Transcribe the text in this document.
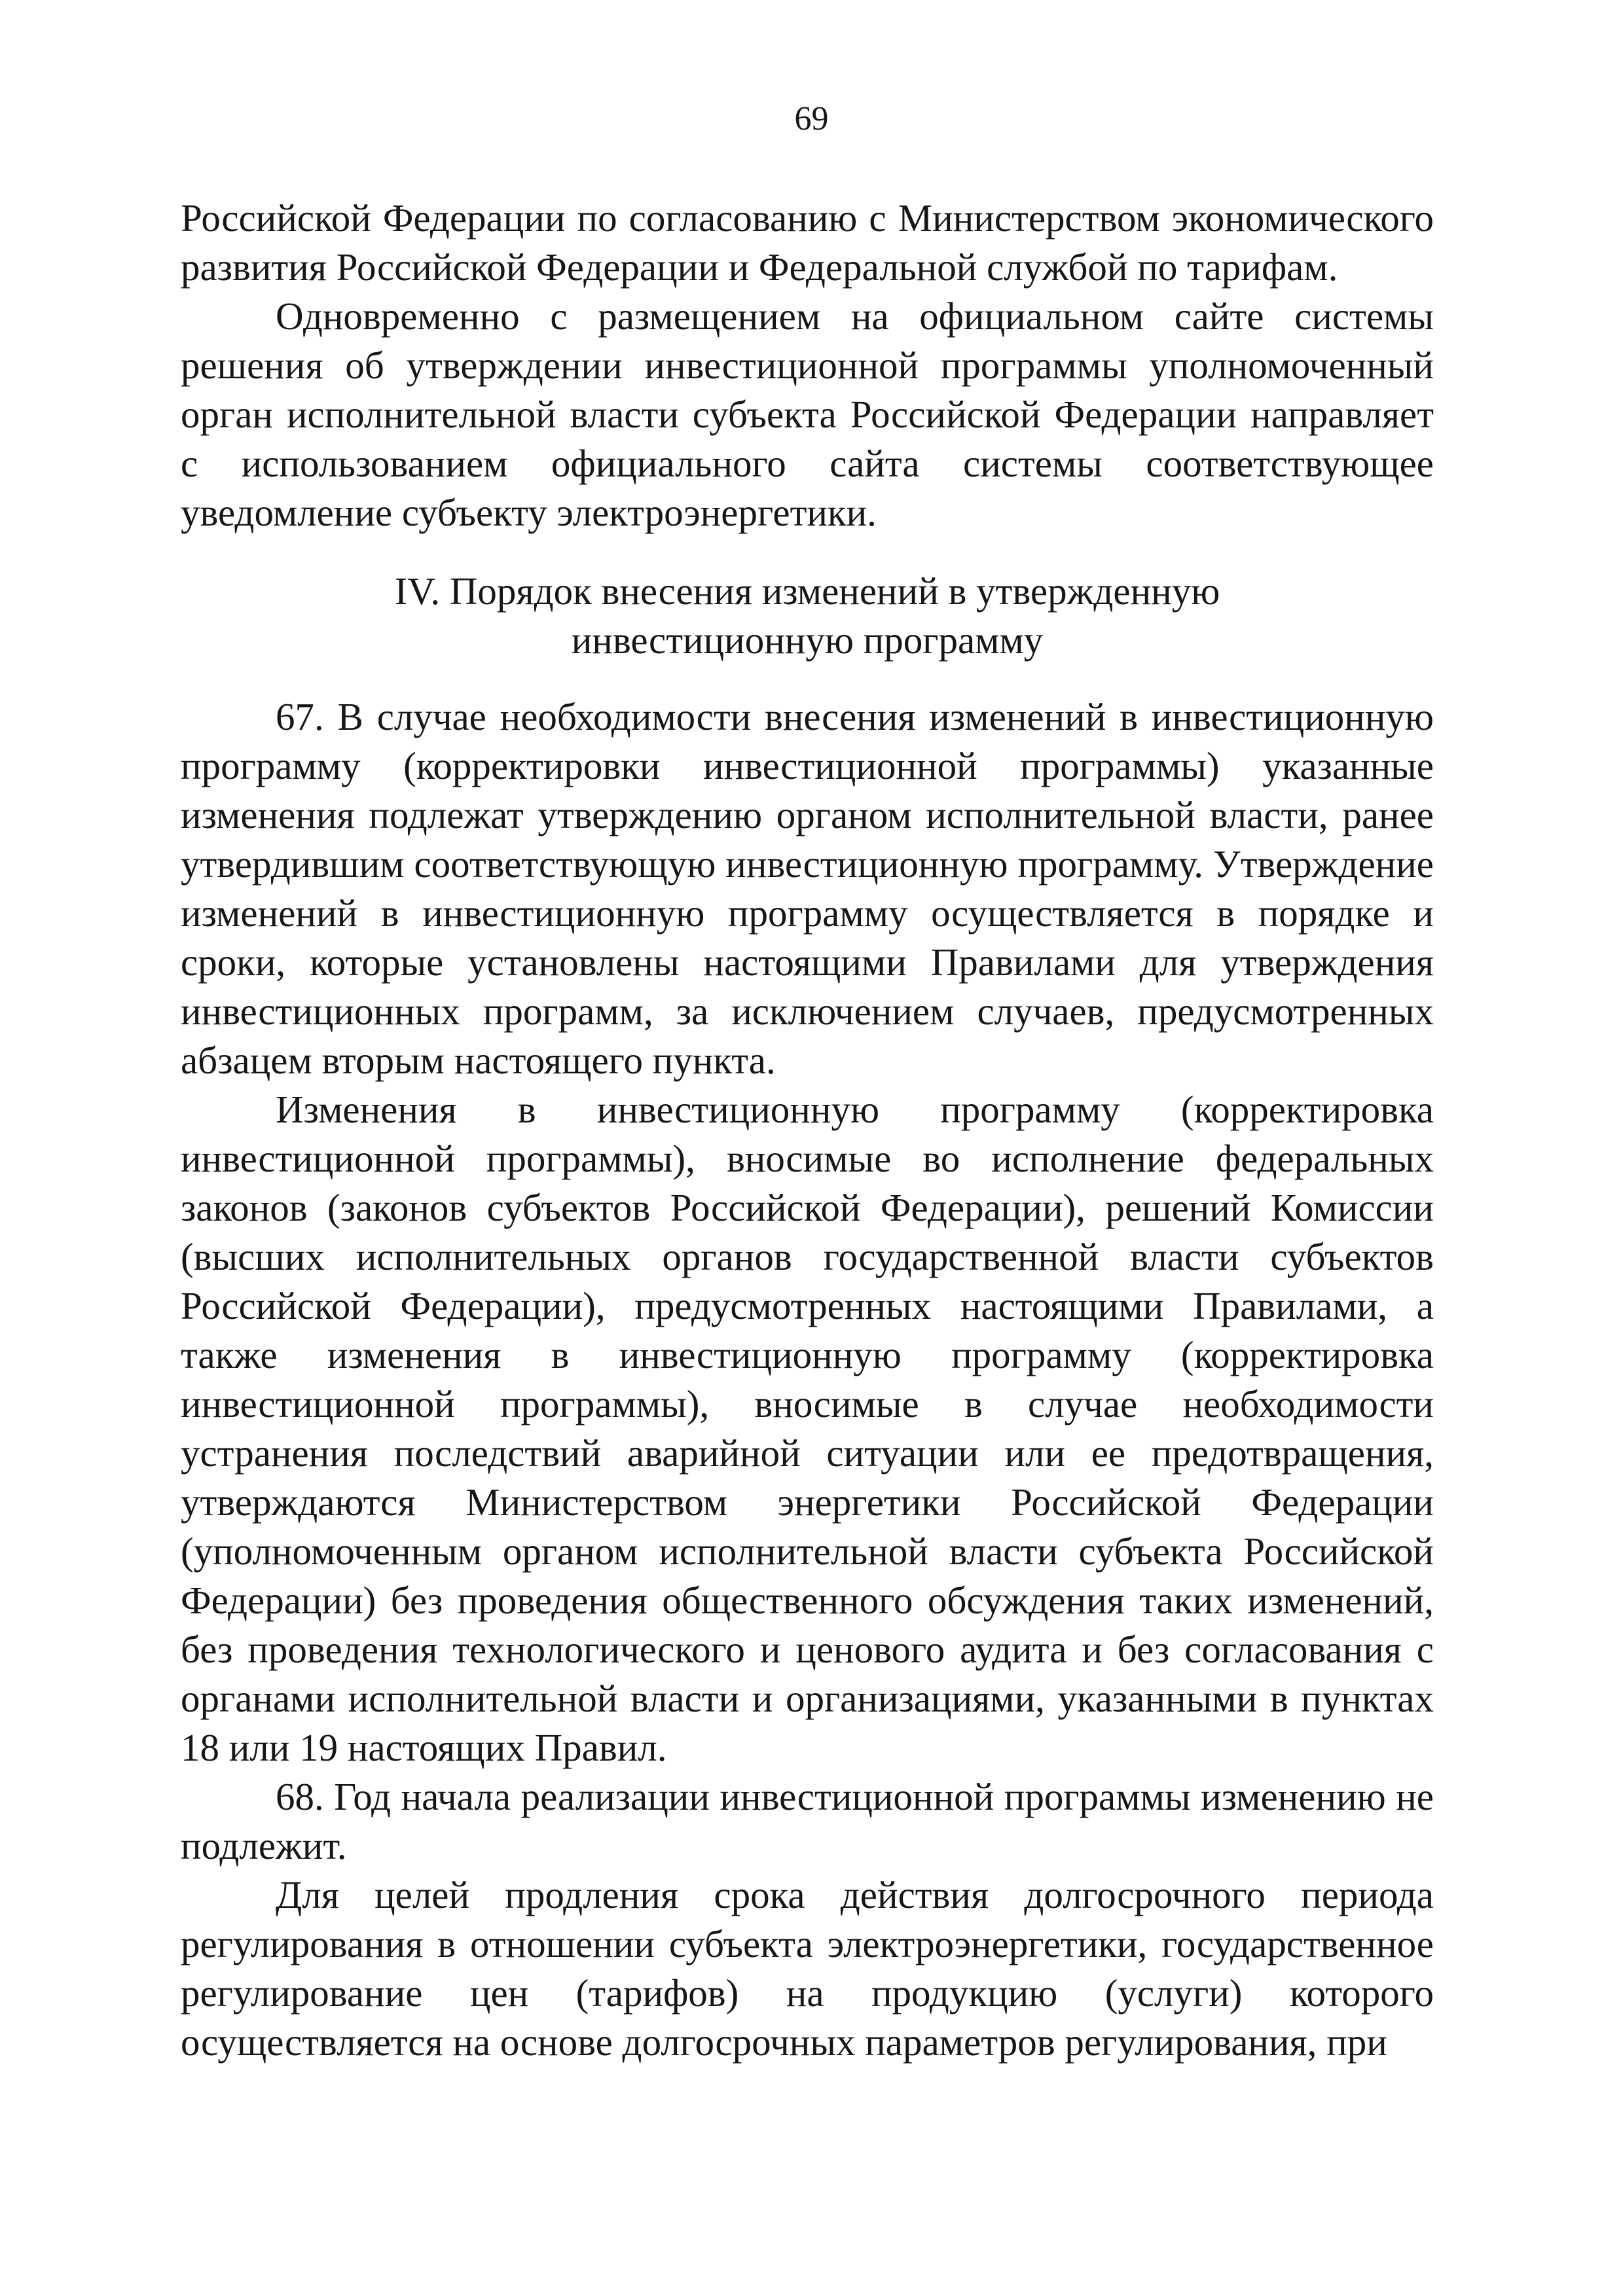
69

Российской Федерации по согласованию с Министерством экономического развития Российской Федерации и Федеральной службой по тарифам.

Одновременно с размещением на официальном сайте системы решения об утверждении инвестиционной программы уполномоченный орган исполнительной власти субъекта Российской Федерации направляет с использованием официального сайта системы соответствующее уведомление субъекту электроэнергетики.

IV. Порядок внесения изменений в утвержденную
инвестиционную программу

67. В случае необходимости внесения изменений в инвестиционную программу (корректировки инвестиционной программы) указанные изменения подлежат утверждению органом исполнительной власти, ранее утвердившим соответствующую инвестиционную программу. Утверждение изменений в инвестиционную программу осуществляется в порядке и сроки, которые установлены настоящими Правилами для утверждения инвестиционных программ, за исключением случаев, предусмотренных абзацем вторым настоящего пункта.

Изменения в инвестиционную программу (корректировка инвестиционной программы), вносимые во исполнение федеральных законов (законов субъектов Российской Федерации), решений Комиссии (высших исполнительных органов государственной власти субъектов Российской Федерации), предусмотренных настоящими Правилами, а также изменения в инвестиционную программу (корректировка инвестиционной программы), вносимые в случае необходимости устранения последствий аварийной ситуации или ее предотвращения, утверждаются Министерством энергетики Российской Федерации (уполномоченным органом исполнительной власти субъекта Российской Федерации) без проведения общественного обсуждения таких изменений, без проведения технологического и ценового аудита и без согласования с органами исполнительной власти и организациями, указанными в пунктах 18 или 19 настоящих Правил.

68. Год начала реализации инвестиционной программы изменению не подлежит.

Для целей продления срока действия долгосрочного периода регулирования в отношении субъекта электроэнергетики, государственное регулирование цен (тарифов) на продукцию (услуги) которого осуществляется на основе долгосрочных параметров регулирования, при
